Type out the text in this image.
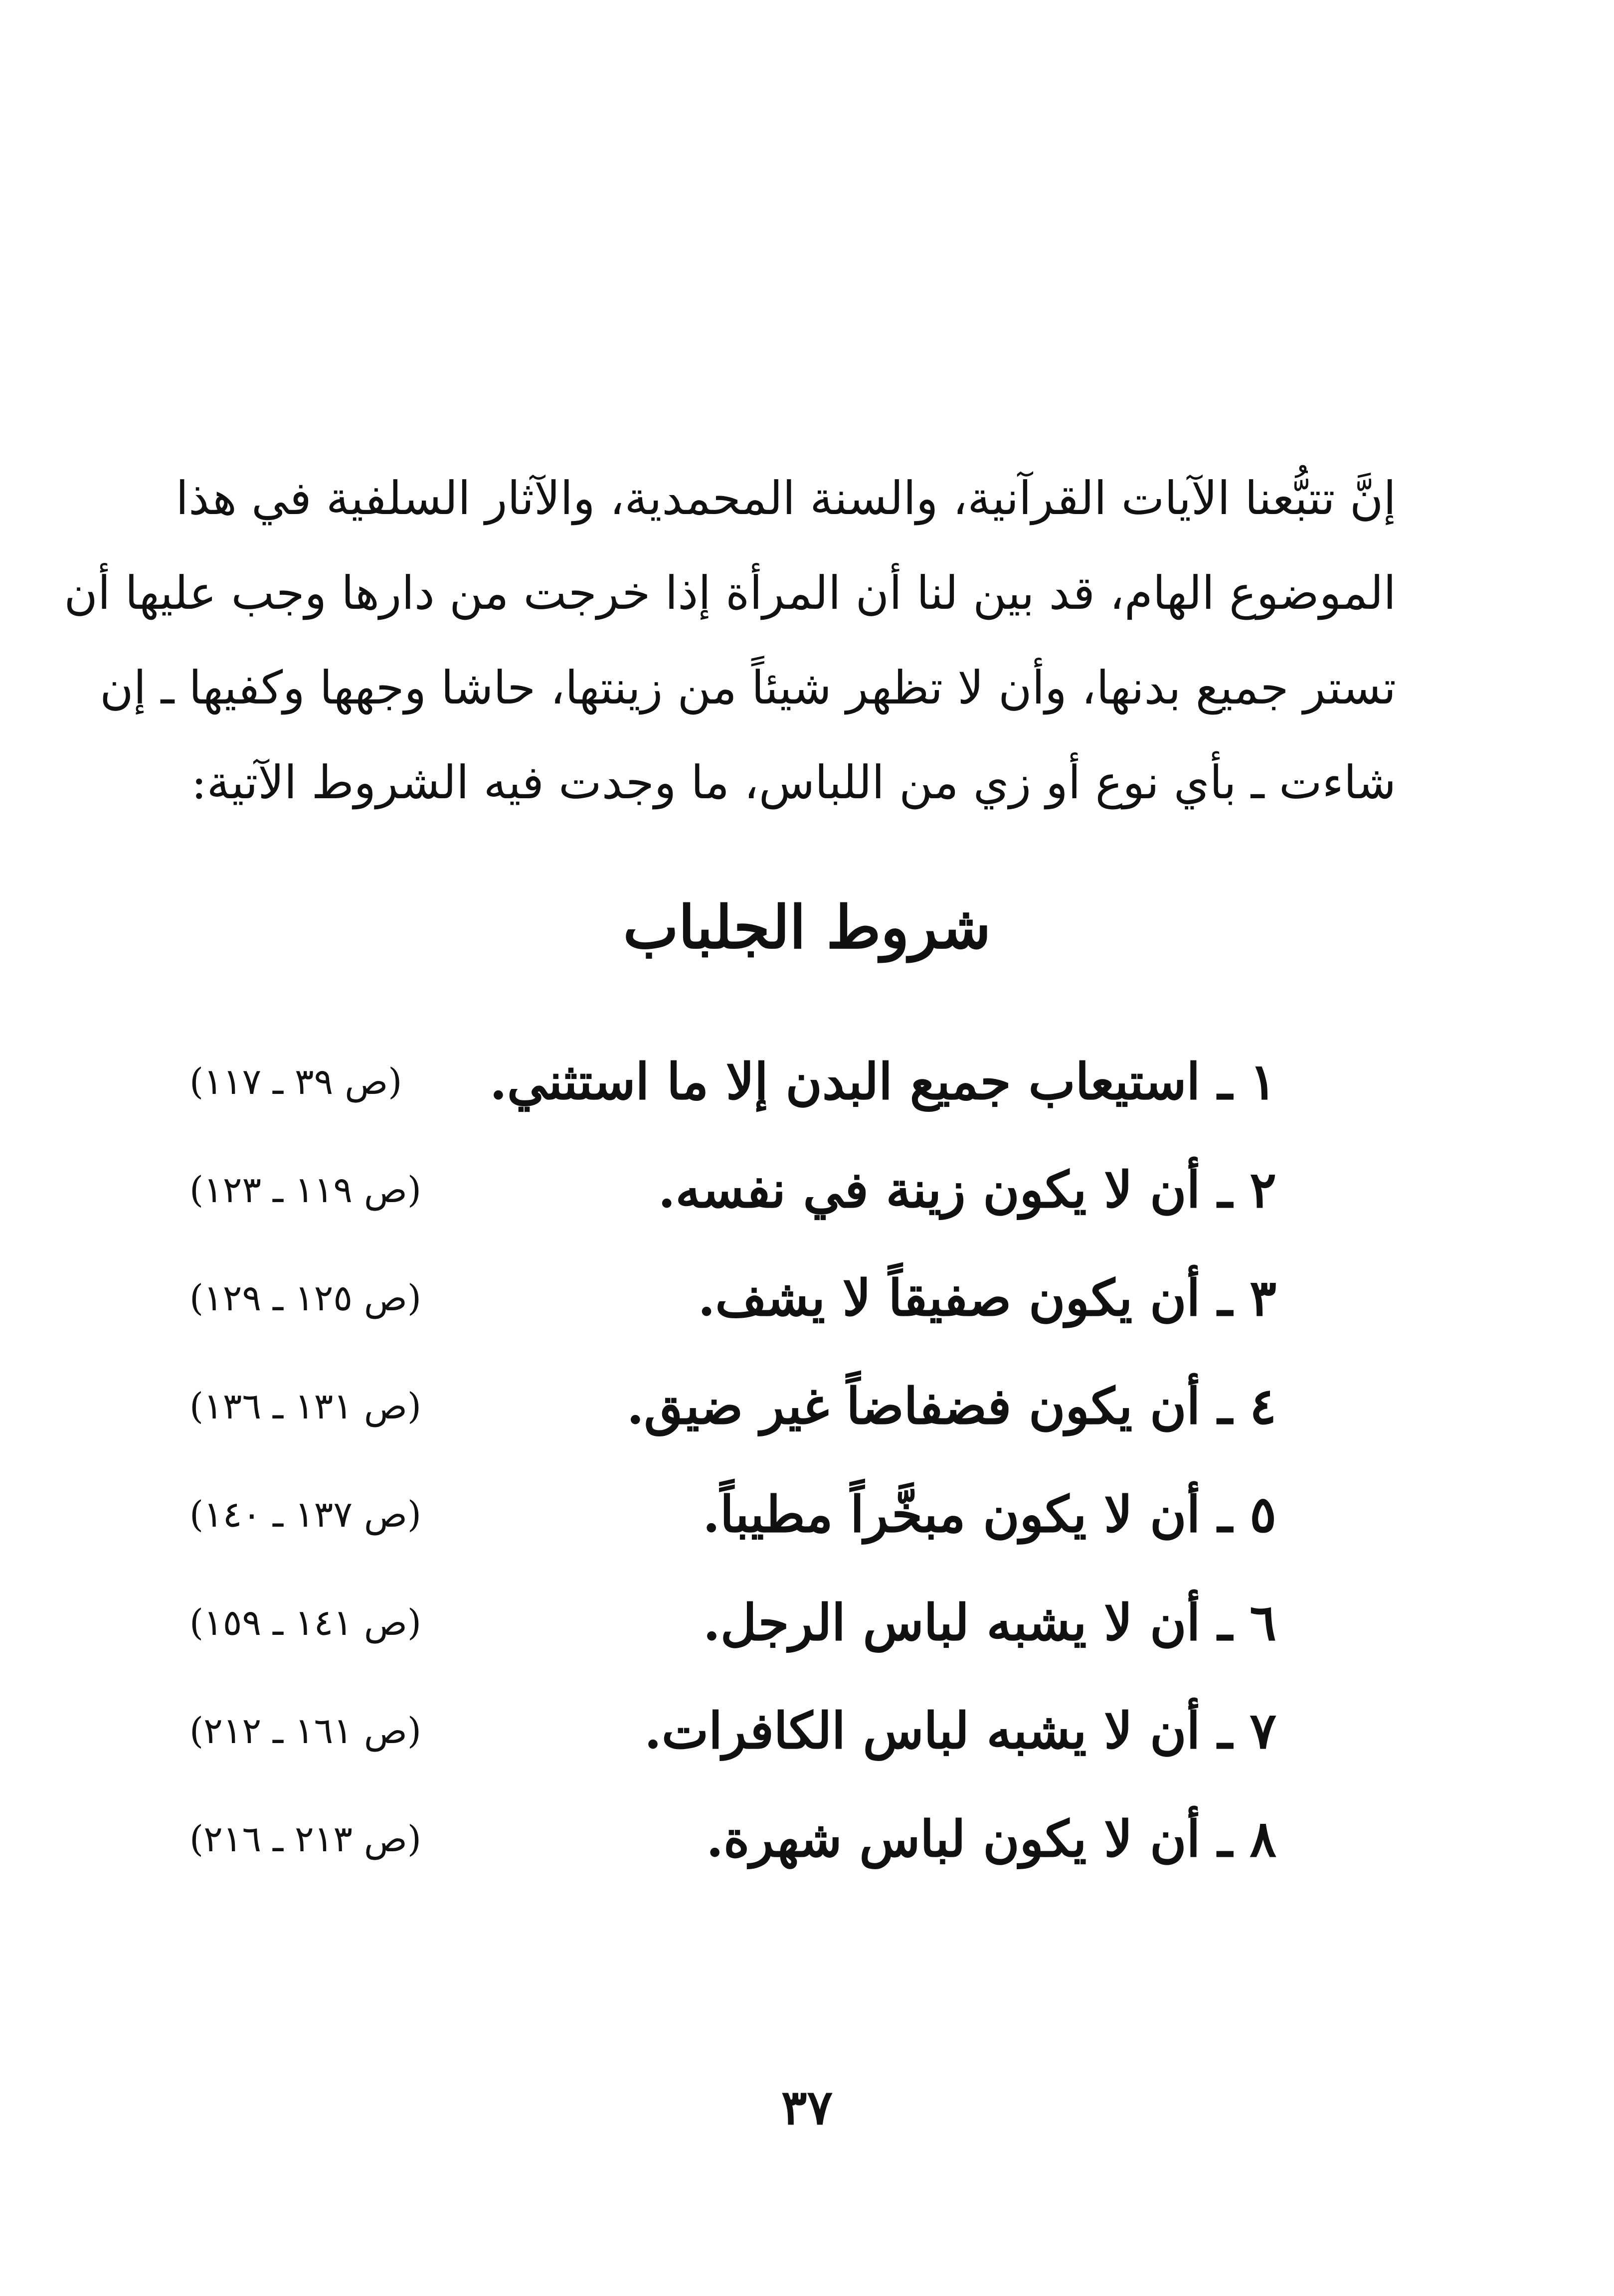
إنَّ تتبُّعنا الآيات القرآنية، والسنة المحمدية، والآثار السلفية في هذا
الموضوع الهام، قد بين لنا أن المرأة إذا خرجت من دارها وجب عليها أن
تستر جميع بدنها، وأن لا تظهر شيئاً من زينتها، حاشا وجهها وكفيها ـ إن
شاءت ـ بأي نوع أو زي من اللباس، ما وجدت فيه الشروط الآتية:
شروط الجلباب
١ ـ استيعاب جميع البدن إلا ما استثني.
(ص ٣٩ ـ ١١٧)
٢ ـ أن لا يكون زينة في نفسه.
(ص ١١٩ ـ ١٢٣)
٣ ـ أن يكون صفيقاً لا يشف.
(ص ١٢٥ ـ ١٢٩)
٤ ـ أن يكون فضفاضاً غير ضيق.
(ص ١٣١ ـ ١٣٦)
٥ ـ أن لا يكون مبخَّراً مطيباً.
(ص ١٣٧ ـ ١٤٠)
٦ ـ أن لا يشبه لباس الرجل.
(ص ١٤١ ـ ١٥٩)
٧ ـ أن لا يشبه لباس الكافرات.
(ص ١٦١ ـ ٢١٢)
٨ ـ أن لا يكون لباس شهرة.
(ص ٢١٣ ـ ٢١٦)
٣٧
